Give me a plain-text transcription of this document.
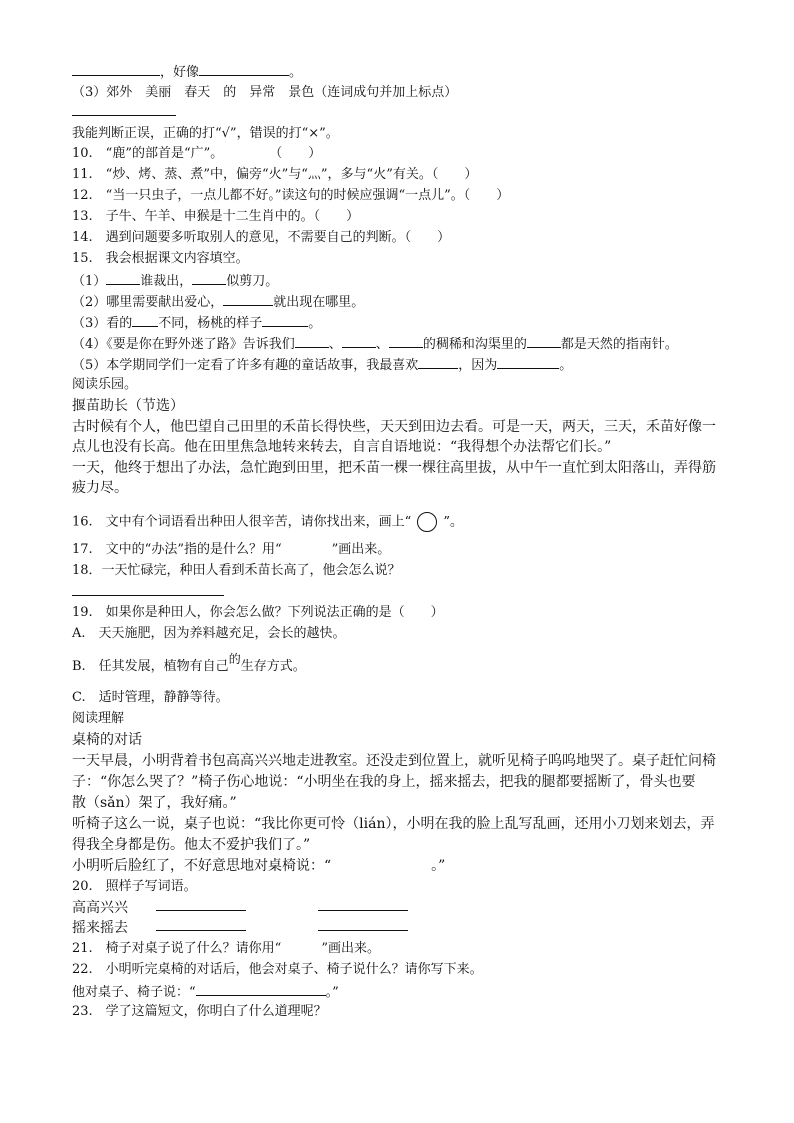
，好像	。
（3）郊外　美丽　春天　的　异常　景色（连词成句并加上标点）
我能判断正误，正确的打“√”，错误的打“×”。
10.　“鹿”的部首是“广”。	（　　）
11.　“炒、烤、蒸、煮”中，偏旁“火”与“灬”，多与“火”有关。（　　）
12.　“当一只虫子，一点儿都不好。”读这句的时候应强调“一点儿”。（　　）
13.　子牛、午羊、申猴是十二生肖中的。（　　）
14.　遇到问题要多听取别人的意见，不需要自己的判断。（　　）
15.　我会根据课文内容填空。
（1）	谁裁出，	似剪刀。
（2）哪里需要献出爱心，	就出现在哪里。
（3）看的 不同，杨桃的样子	。
（4）《要是你在野外迷了路》告诉我们	、	、	的稠稀和沟渠里的	都是天然的指南针。
（5）本学期同学们一定看了许多有趣的童话故事，我最喜欢	，因为	。
阅读乐园。
揠苗助长（节选）
古时候有个人，他巴望自己田里的禾苗长得快些，天天到田边去看。可是一天，两天，三天，禾苗好像一
点儿也没有长高。他在田里焦急地转来转去，自言自语地说：“我得想个办法帮它们长。”
一天，他终于想出了办法，急忙跑到田里，把禾苗一棵一棵往高里拔，从中午一直忙到太阳落山，弄得筋
疲力尽。
16.　文中有个词语看出种田人很辛苦，请你找出来，画上“ ○ ”。
17.　文中的“办法”指的是什么？用“	”画出来。
18．一天忙碌完，种田人看到禾苗长高了，他会怎么说？
19.　如果你是种田人，你会怎么做？下列说法正确的是（　　）
A.　天天施肥，因为养料越充足，会长的越快。
B.　任其发展，植物有自己的生存方式。
C.　适时管理，静静等待。
阅读理解
桌椅的对话
一天早晨，小明背着书包高高兴兴地走进教室。还没走到位置上，就听见椅子呜呜地哭了。桌子赶忙问椅
子：“你怎么哭了？”椅子伤心地说：“小明坐在我的身上，摇来摇去，把我的腿都要摇断了，骨头也要
散（sǎn）架了，我好痛。”
听椅子这么一说，桌子也说：“我比你更可怜（lián），小明在我的脸上乱写乱画，还用小刀划来划去，弄
得我全身都是伤。他太不爱护我们了。”
小明听后脸红了，不好意思地对桌椅说：“	。”
20.　照样子写词语。
高高兴兴
摇来摇去
21.　椅子对桌子说了什么？请你用“	”画出来。
22.　小明听完桌椅的对话后，他会对桌子、椅子说什么？请你写下来。
他对桌子、椅子说：“	。”
23.　学了这篇短文，你明白了什么道理呢？
